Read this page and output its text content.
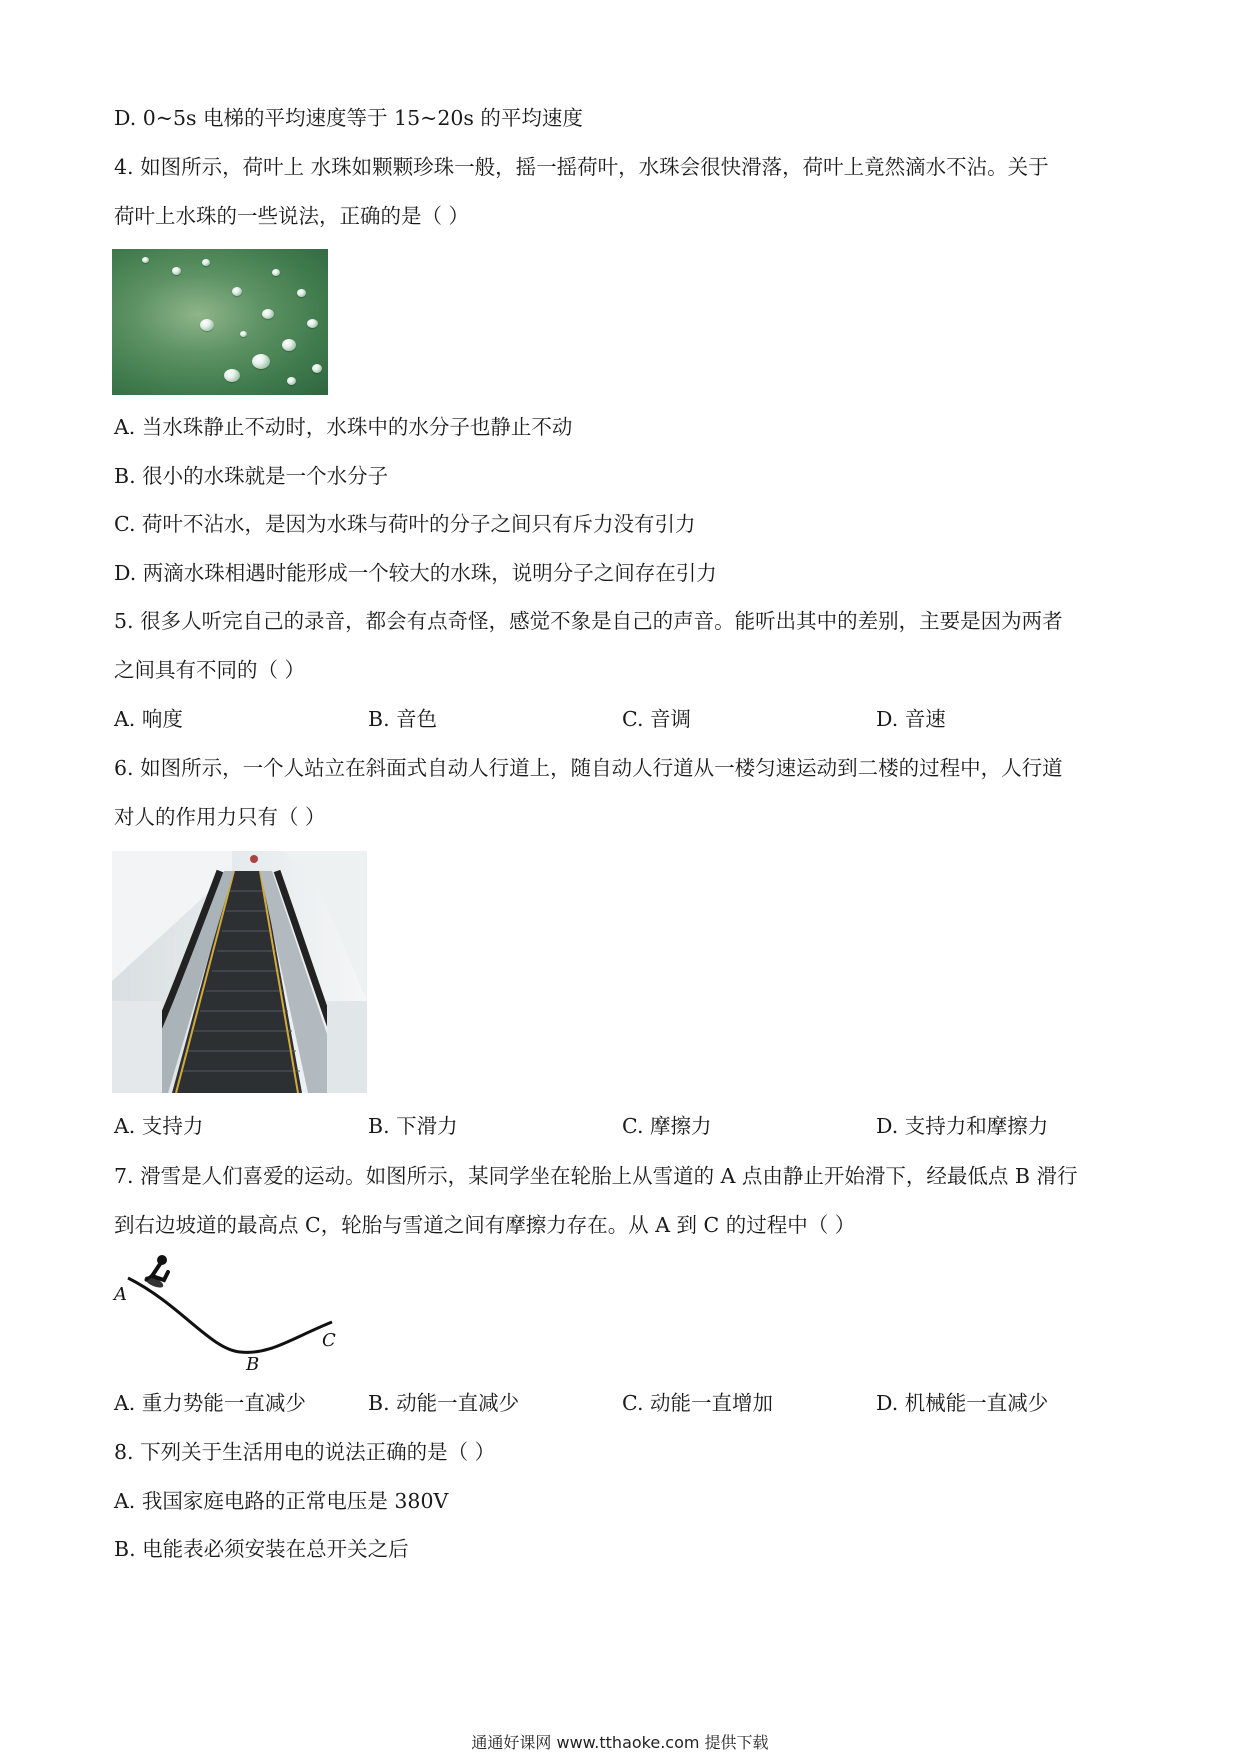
D. 0~5s 电梯的平均速度等于 15~20s 的平均速度
4. 如图所示，荷叶上 水珠如颗颗珍珠一般，摇一摇荷叶，水珠会很快滑落，荷叶上竟然滴水不沾。关于
荷叶上水珠的一些说法，正确的是（ ）
A. 当水珠静止不动时，水珠中的水分子也静止不动
B. 很小的水珠就是一个水分子
C. 荷叶不沾水，是因为水珠与荷叶的分子之间只有斥力没有引力
D. 两滴水珠相遇时能形成一个较大的水珠，说明分子之间存在引力
5. 很多人听完自己的录音，都会有点奇怪，感觉不象是自己的声音。能听出其中的差别，主要是因为两者
之间具有不同的（ ）
A. 响度	B. 音色	C. 音调	D. 音速
6. 如图所示，一个人站立在斜面式自动人行道上，随自动人行道从一楼匀速运动到二楼的过程中，人行道
对人的作用力只有（ ）
A. 支持力	B. 下滑力	C. 摩擦力	D. 支持力和摩擦力
7. 滑雪是人们喜爱的运动。如图所示，某同学坐在轮胎上从雪道的 A 点由静止开始滑下，经最低点 B 滑行
到右边坡道的最高点 C，轮胎与雪道之间有摩擦力存在。从 A 到 C 的过程中（ ）
A
B
C
A. 重力势能一直减少	B. 动能一直减少	C. 动能一直增加	D. 机械能一直减少
8. 下列关于生活用电的说法正确的是（ ）
A. 我国家庭电路的正常电压是 380V
B. 电能表必须安装在总开关之后
通通好课网 www.tthaoke.com 提供下载
